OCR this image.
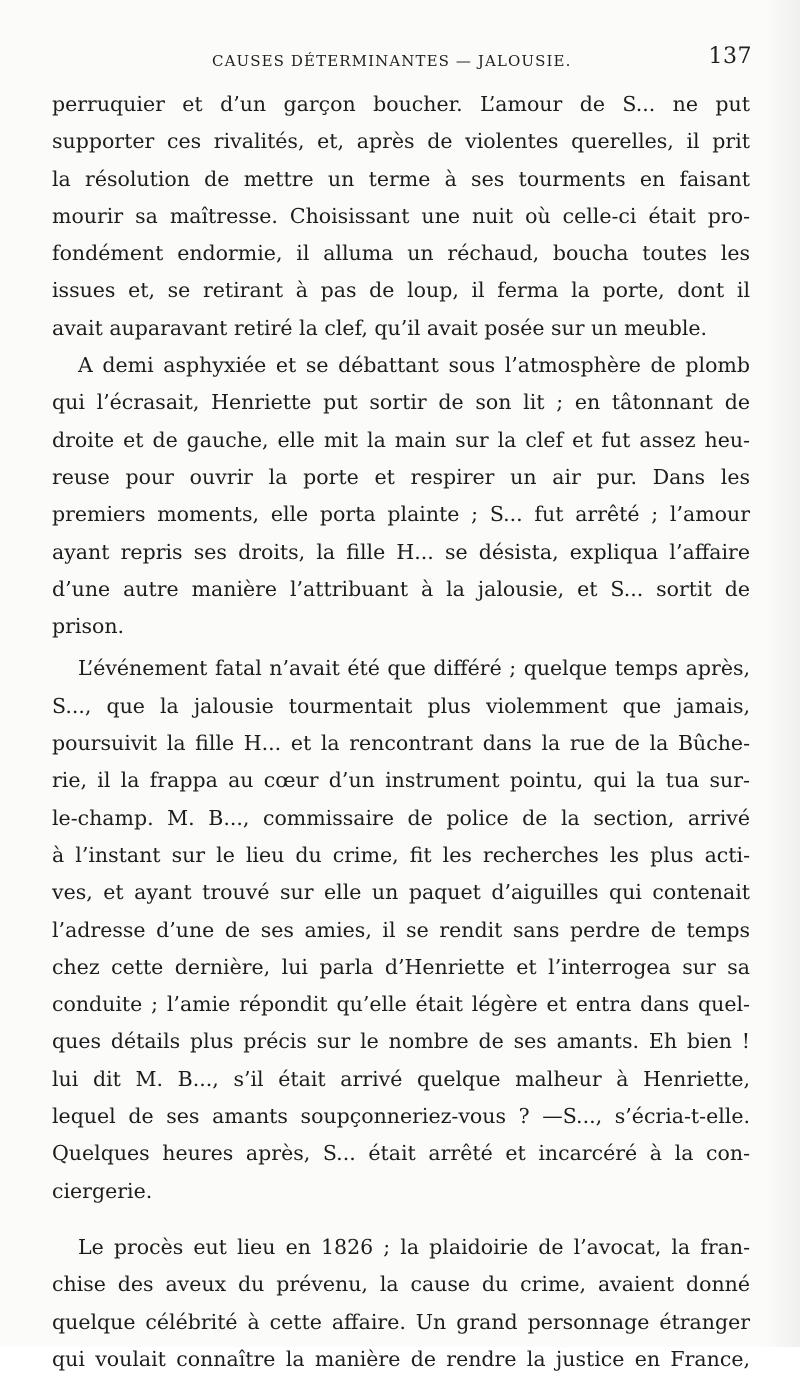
CAUSES DÉTERMINANTES — JALOUSIE.	137
perruquier et d’un garçon boucher. L’amour de S... ne put
supporter ces rivalités, et, après de violentes querelles, il prit
la résolution de mettre un terme à ses tourments en faisant
mourir sa maîtresse. Choisissant une nuit où celle-ci était pro-
fondément endormie, il alluma un réchaud, boucha toutes les
issues et, se retirant à pas de loup, il ferma la porte, dont il
avait auparavant retiré la clef, qu’il avait posée sur un meuble.
A demi asphyxiée et se débattant sous l’atmosphère de plomb
qui l’écrasait, Henriette put sortir de son lit ; en tâtonnant de
droite et de gauche, elle mit la main sur la clef et fut assez heu-
reuse pour ouvrir la porte et respirer un air pur. Dans les
premiers moments, elle porta plainte ; S... fut arrêté ; l’amour
ayant repris ses droits, la fille H... se désista, expliqua l’affaire
d’une autre manière l’attribuant à la jalousie, et S... sortit de
prison.
L’événement fatal n’avait été que différé ; quelque temps après,
S..., que la jalousie tourmentait plus violemment que jamais,
poursuivit la fille H... et la rencontrant dans la rue de la Bûche-
rie, il la frappa au cœur d’un instrument pointu, qui la tua sur-
le-champ. M. B..., commissaire de police de la section, arrivé
à l’instant sur le lieu du crime, fit les recherches les plus acti-
ves, et ayant trouvé sur elle un paquet d’aiguilles qui contenait
l’adresse d’une de ses amies, il se rendit sans perdre de temps
chez cette dernière, lui parla d’Henriette et l’interrogea sur sa
conduite ; l’amie répondit qu’elle était légère et entra dans quel-
ques détails plus précis sur le nombre de ses amants. Eh bien !
lui dit M. B..., s’il était arrivé quelque malheur à Henriette,
lequel de ses amants soupçonneriez-vous ? —S..., s’écria-t-elle.
Quelques heures après, S... était arrêté et incarcéré à la con-
ciergerie.
Le procès eut lieu en 1826 ; la plaidoirie de l’avocat, la fran-
chise des aveux du prévenu, la cause du crime, avaient donné
quelque célébrité à cette affaire. Un grand personnage étranger
qui voulait connaître la manière de rendre la justice en France,
